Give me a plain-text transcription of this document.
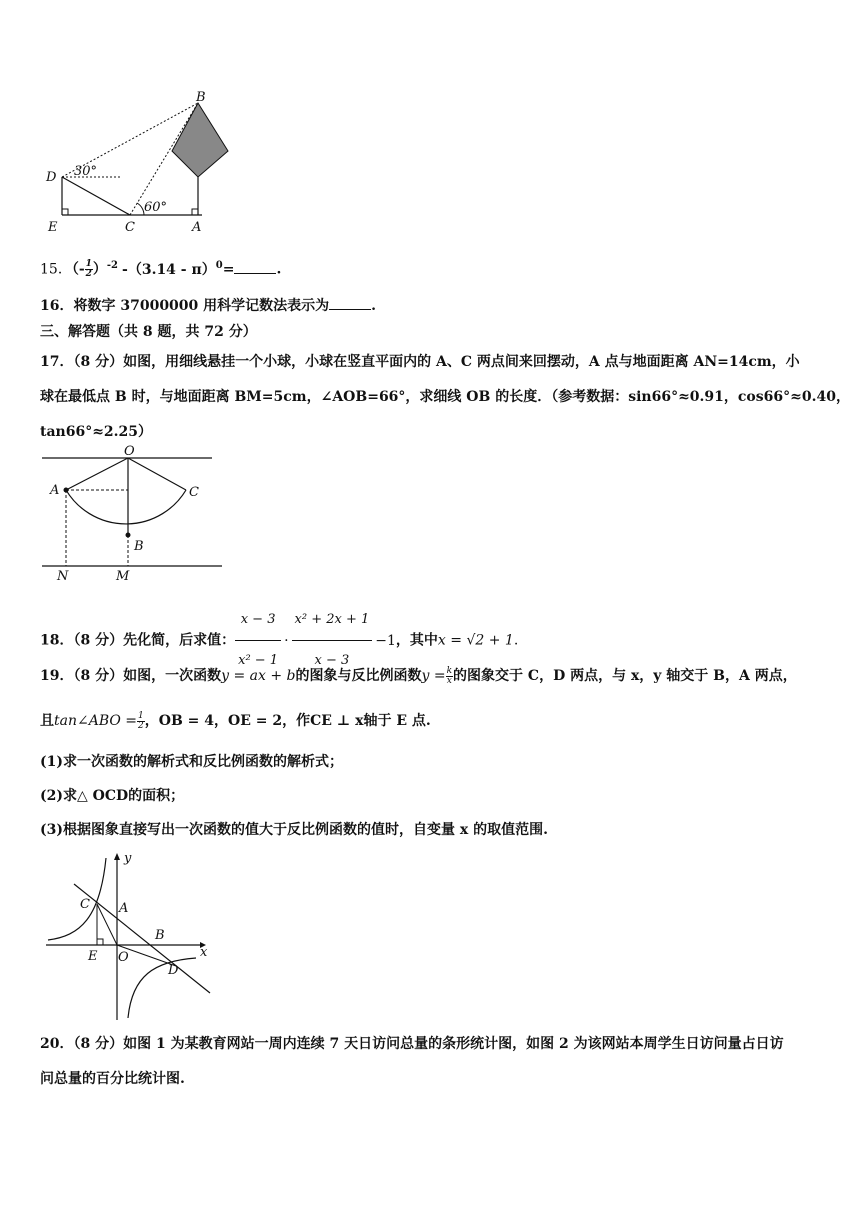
B
D 30°
E	C
60°
A
15．（- $\frac{1}{2} )^{-2}$ -（3.14 - π）$^0$=	.
16．将数字 37000000 用科学记数法表示为	.
三、解答题（共 8 题，共 72 分）
17．（8 分）如图，用细线悬挂一个小球，小球在竖直平面内的 A、C 两点间来回摆动，A 点与地面距离 AN=14cm，小
球在最低点 B 时，与地面距离 BM=5cm，∠AOB=66°，求细线 OB 的长度．（参考数据：sin66°≈0.91，cos66°≈0.40，
tan66°≈2.25）
O
A	C
B
N	M
18．（8 分）先化简，后求值： $\frac{x - 3}{\text{x² − 1}} \cdot \frac{\text{x² + 2x + 1}}{x - 3} -1$，其中x = √2 + 1.
19．（8 分）如图，一次函数y = ax + b的图象与反比例函数$y = \frac{k}{x}$ 的图象交于 C，D 两点，与 x，y 轴交于 B，A 两点，
且tan∠ABO = $\frac{1}{2}$ ，OB = 4，OE = 2，作CE ⊥ x轴于 E 点.
(1)求一次函数的解析式和反比例函数的解析式；
(2)求△ OCD的面积；
(3)根据图象直接写出一次函数的值大于反比例函数的值时，自变量 x 的取值范围.
y
x
C A
B
E O
D
20．（8 分）如图 1 为某教育网站一周内连续 7 天日访问总量的条形统计图，如图 2 为该网站本周学生日访问量占日访
问总量的百分比统计图.
